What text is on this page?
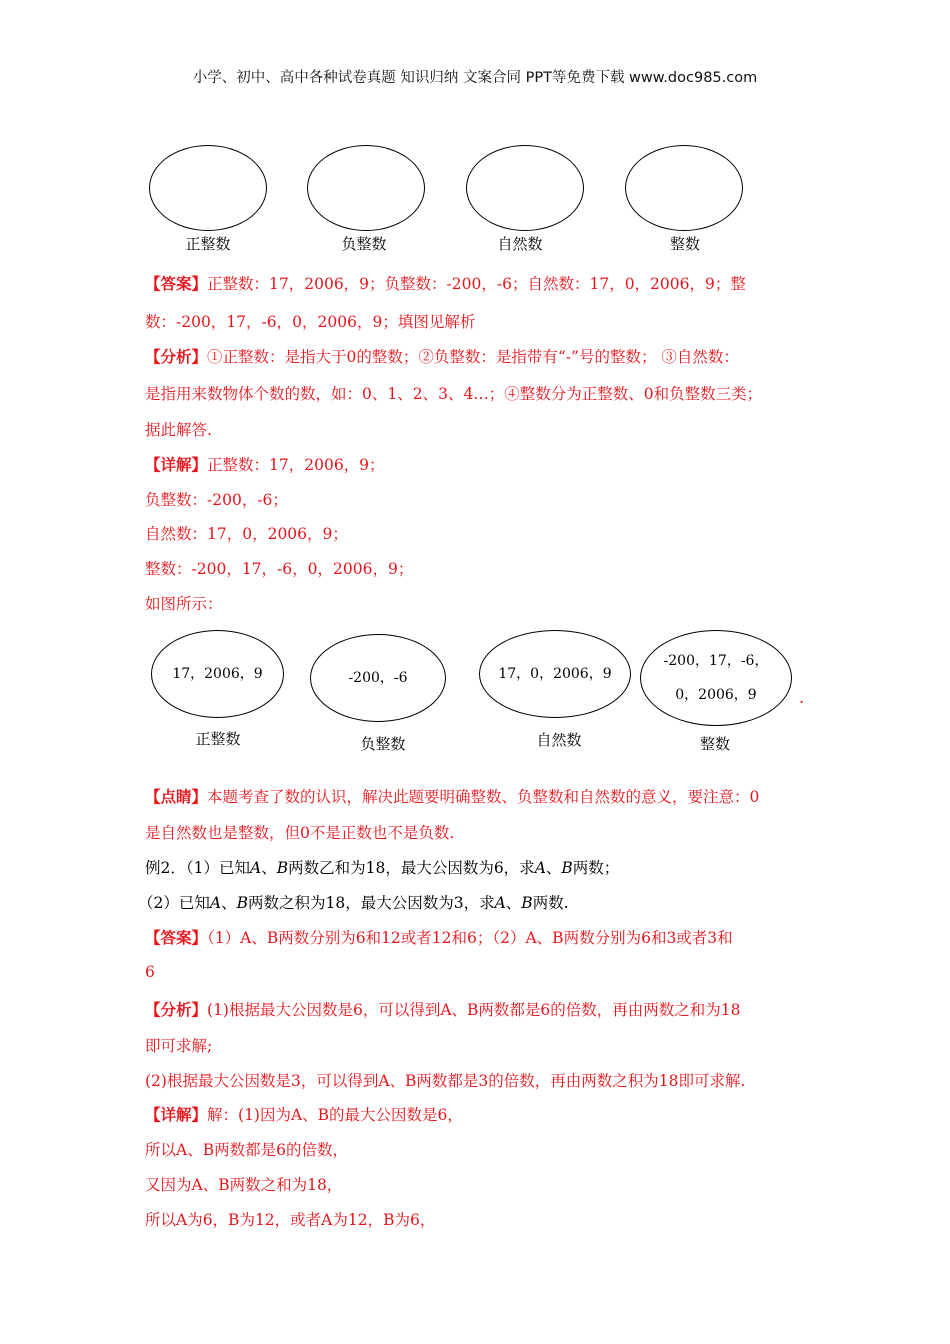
小学、初中、高中各种试卷真题 知识归纳 文案合同 PPT等免费下载 www.doc985.com
正整数	负整数	自然数	整数
【答案】正整数：17，2006，9；负整数：-200，-6；自然数：17，0，2006，9；整
数：-200，17，-6，0，2006，9；填图见解析
【分析】①正整数：是指大于0的整数；②负整数：是指带有“-”号的整数； ③自然数：
是指用来数物体个数的数，如：0、1、2、3、4…；④整数分为正整数、0和负整数三类；
据此解答.
【详解】正整数：17，2006，9；
负整数：-200，-6；
自然数：17，0，2006，9；
整数：-200，17，-6，0，2006，9；
如图所示：
17，2006，9	-200，-6	17，0，2006，9
-200，17，-6，
0，2006，9	.
正整数	负整数	自然数	整数
【点睛】本题考查了数的认识，解决此题要明确整数、负整数和自然数的意义，要注意：0
是自然数也是整数，但0不是正数也不是负数.
例2．（1）已知A、B两数乙和为18，最大公因数为6，求A、B两数；
（2）已知A、B两数之积为18，最大公因数为3，求A、B两数.
【答案】（1）A、B两数分别为6和12或者12和6；（2）A、B两数分别为6和3或者3和
6
【分析】(1)根据最大公因数是6，可以得到A、B两数都是6的倍数，再由两数之和为18
即可求解;
(2)根据最大公因数是3，可以得到A、B两数都是3的倍数，再由两数之积为18即可求解.
【详解】解：(1)因为A、B的最大公因数是6，
所以A、B两数都是6的倍数，
又因为A、B两数之和为18，
所以A为6，B为12，或者A为12，B为6，
